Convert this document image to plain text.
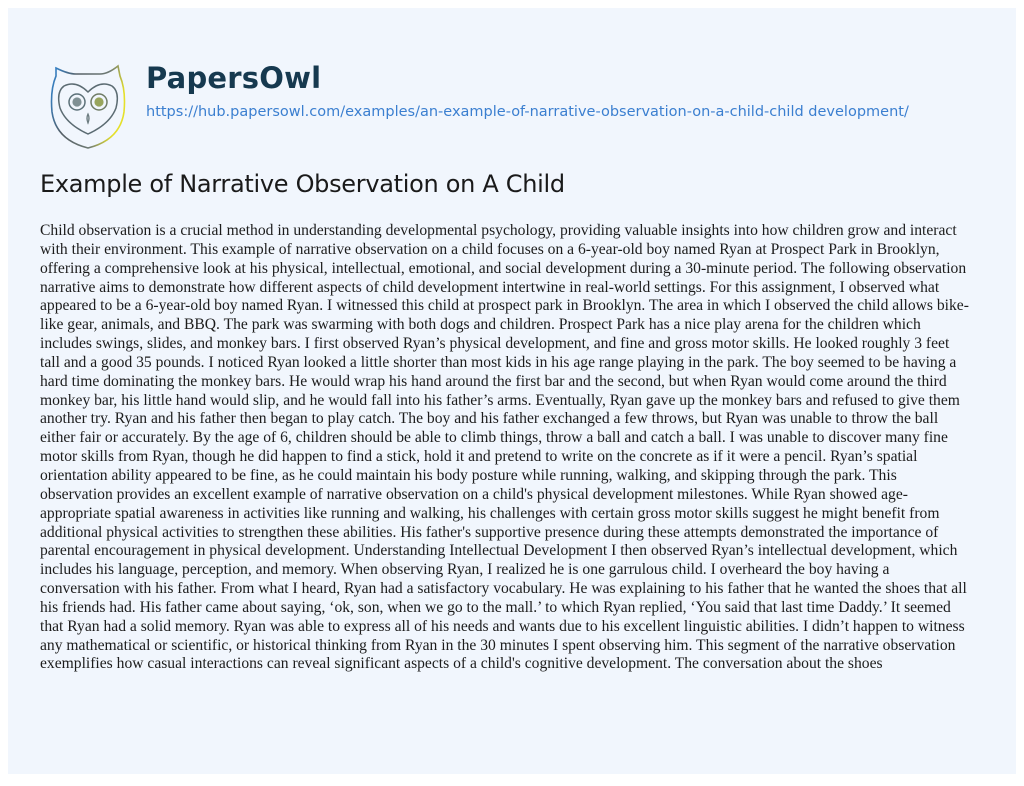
PapersOwl
https://hub.papersowl.com/examples/an-example-of-narrative-observation-on-a-child-child development/
Example of Narrative Observation on A Child

Child observation is a crucial method in understanding developmental psychology, providing valuable insights into how children grow and interact with their environment. This example of narrative observation on a child focuses on a 6-year-old boy named Ryan at Prospect Park in Brooklyn, offering a comprehensive look at his physical, intellectual, emotional, and social development during a 30-minute period. The following observation narrative aims to demonstrate how different aspects of child development intertwine in real-world settings. For this assignment, I observed what appeared to be a 6-year-old boy named Ryan. I witnessed this child at prospect park in Brooklyn. The area in which I observed the child allows bike-like gear, animals, and BBQ. The park was swarming with both dogs and children. Prospect Park has a nice play arena for the children which includes swings, slides, and monkey bars. I first observed Ryan’s physical development, and fine and gross motor skills. He looked roughly 3 feet tall and a good 35 pounds. I noticed Ryan looked a little shorter than most kids in his age range playing in the park. The boy seemed to be having a hard time dominating the monkey bars. He would wrap his hand around the first bar and the second, but when Ryan would come around the third monkey bar, his little hand would slip, and he would fall into his father’s arms. Eventually, Ryan gave up the monkey bars and refused to give them another try. Ryan and his father then began to play catch. The boy and his father exchanged a few throws, but Ryan was unable to throw the ball either fair or accurately. By the age of 6, children should be able to climb things, throw a ball and catch a ball. I was unable to discover many fine motor skills from Ryan, though he did happen to find a stick, hold it and pretend to write on the concrete as if it were a pencil. Ryan’s spatial orientation ability appeared to be fine, as he could maintain his body posture while running, walking, and skipping through the park. This observation provides an excellent example of narrative observation on a child's physical development milestones. While Ryan showed age-appropriate spatial awareness in activities like running and walking, his challenges with certain gross motor skills suggest he might benefit from additional physical activities to strengthen these abilities. His father's supportive presence during these attempts demonstrated the importance of parental encouragement in physical development. Understanding Intellectual Development I then observed Ryan’s intellectual development, which includes his language, perception, and memory. When observing Ryan, I realized he is one garrulous child. I overheard the boy having a conversation with his father. From what I heard, Ryan had a satisfactory vocabulary. He was explaining to his father that he wanted the shoes that all his friends had. His father came about saying, ‘ok, son, when we go to the mall.’ to which Ryan replied, ‘You said that last time Daddy.’ It seemed that Ryan had a solid memory. Ryan was able to express all of his needs and wants due to his excellent linguistic abilities. I didn’t happen to witness any mathematical or scientific, or historical thinking from Ryan in the 30 minutes I spent observing him. This segment of the narrative observation exemplifies how casual interactions can reveal significant aspects of a child's cognitive development. The conversation about the shoes
